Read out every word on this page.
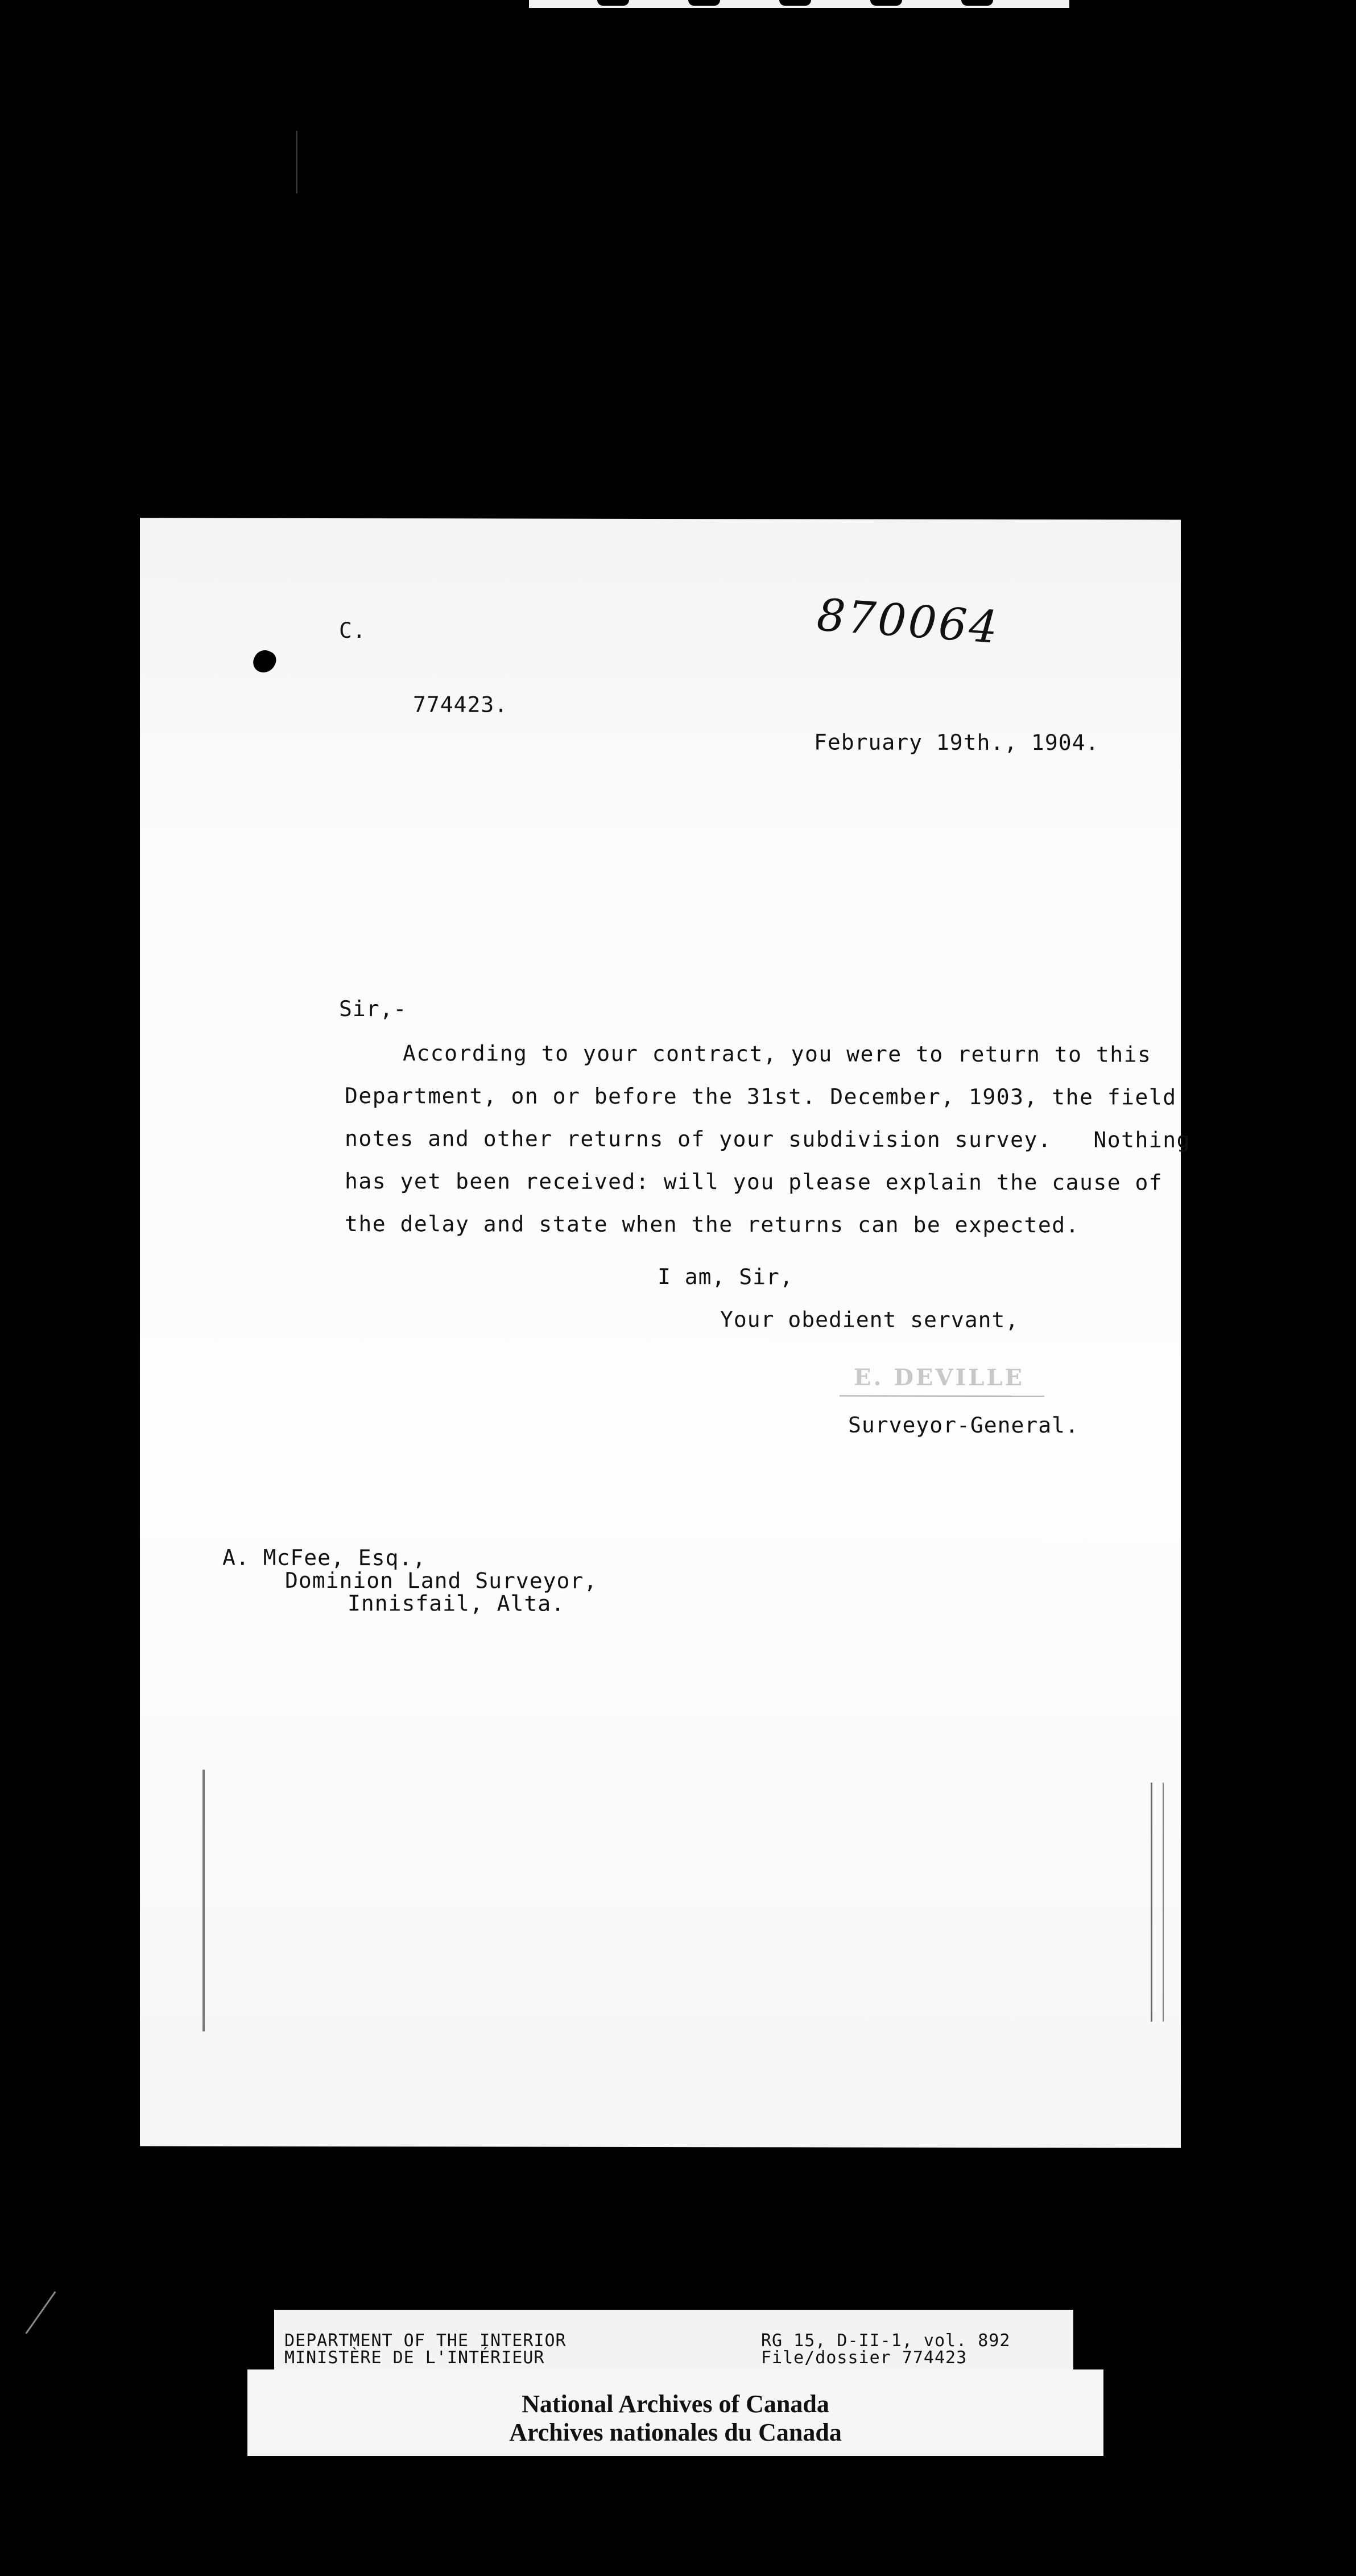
C.	870064
774423.
February 19th., 1904.
Sir,-
According to your contract, you were to return to this
Department, on or before the 31st. December, 1903, the field
notes and other returns of your subdivision survey.   Nothing
has yet been received: will you please explain the cause of
the delay and state when the returns can be expected.
I am, Sir,
Your obedient servant,
E. DEVILLE
Surveyor-General.
A. McFee, Esq.,
Dominion Land Surveyor,
Innisfail, Alta.
DEPARTMENT OF THE INTERIOR
MINISTÈRE DE L'INTÉRIEUR
RG 15, D-II-1, vol. 892
File/dossier 774423
National Archives of Canada
Archives nationales du Canada
